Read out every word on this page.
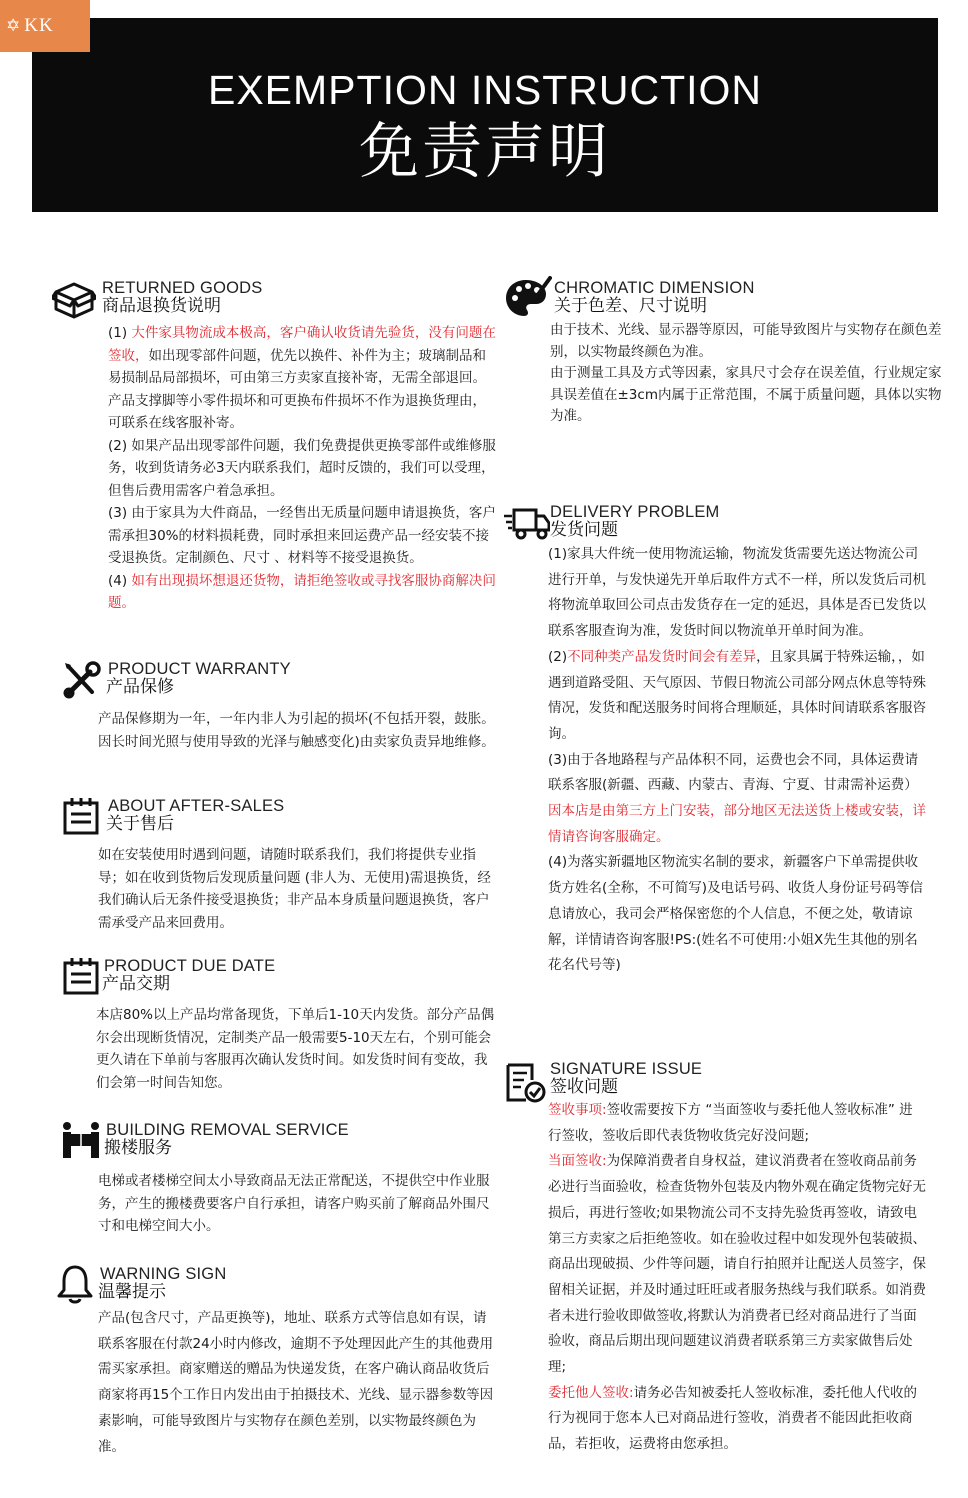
✡ KK
EXEMPTION INSTRUCTION
免责声明
RETURNED GOODS
商品退换货说明

(1) 大件家具物流成本极高，客户确认收货请先验货，没有问题在签收，如出现零部件问题，优先以换件、补件为主；玻璃制品和易损制品局部损坏，可由第三方卖家直接补寄，无需全部退回。产品支撑脚等小零件损坏和可更换布件损坏不作为退换货理由，可联系在线客服补寄。

(2) 如果产品出现零部件问题，我们免费提供更换零部件或维修服务，收到货请务必3天内联系我们，超时反馈的，我们可以受理，但售后费用需客户着急承担。

(3) 由于家具为大件商品，一经售出无质量问题申请退换货，客户需承担30%的材料损耗费，同时承担来回运费产品一经安装不接受退换货。定制颜色、尺寸 、材料等不接受退换货。

(4) 如有出现损坏想退还货物，请拒绝签收或寻找客服协商解决问题。

PRODUCT WARRANTY
产品保修
产品保修期为一年，一年内非人为引起的损坏(不包括开裂，鼓胀。因长时间光照与使用导致的光泽与触感变化)由卖家负责异地维修。
ABOUT AFTER-SALES
关于售后
如在安装使用时遇到问题，请随时联系我们，我们将提供专业指导；如在收到货物后发现质量问题 (非人为、无使用)需退换货，经我们确认后无条件接受退换货；非产品本身质量问题退换货，客户需承受产品来回费用。
PRODUCT DUE DATE
产品交期
本店80%以上产品均常备现货，下单后1-10天内发货。部分产品偶尔会出现断货情况，定制类产品一般需要5-10天左右，个别可能会更久请在下单前与客服再次确认发货时间。如发货时间有变故，我们会第一时间告知您。
BUILDING REMOVAL SERVICE
搬楼服务
电梯或者楼梯空间太小导致商品无法正常配送，不提供空中作业服务，产生的搬楼费要客户自行承担，请客户购买前了解商品外围尺寸和电梯空间大小。
WARNING SIGN
温馨提示
产品(包含尺寸，产品更换等)，地址、联系方式等信息如有误，请联系客服在付款24小时内修改，逾期不予处理因此产生的其他费用需买家承担。商家赠送的赠品为快递发货，在客户确认商品收货后商家将再15个工作日内发出由于拍摄技术、光线、显示器参数等因素影响，可能导致图片与实物存在颜色差别，以实物最终颜色为准。
CHROMATIC DIMENSION
关于色差、尺寸说明

由于技术、光线、显示器等原因，可能导致图片与实物存在颜色差别，以实物最终颜色为准。

由于测量工具及方式等因素，家具尺寸会存在误差值，行业规定家具误差值在±3cm内属于正常范围，不属于质量问题，具体以实物为准。

DELIVERY PROBLEM
发货问题

(1)家具大件统一使用物流运输，物流发货需要先送达物流公司进行开单，与发快递先开单后取件方式不一样，所以发货后司机将物流单取回公司点击发货存在一定的延迟，具体是否已发货以联系客服查询为准，发货时间以物流单开单时间为准。

(2)不同种类产品发货时间会有差异，且家具属于特殊运输，，如遇到道路受阻、天气原因、节假日物流公司部分网点休息等特殊情况，发货和配送服务时间将合理顺延，具体时间请联系客服咨询。

(3)由于各地路程与产品体积不同，运费也会不同，具体运费请联系客服(新疆、西藏、内蒙古、青海、宁夏、甘肃需补运费）因本店是由第三方上门安装，部分地区无法送货上楼或安装，详情请咨询客服确定。

(4)为落实新疆地区物流实名制的要求，新疆客户下单需提供收货方姓名(全称，不可简写)及电话号码、收货人身份证号码等信息请放心，我司会严格保密您的个人信息，不便之处，敬请谅解，详情请咨询客服!PS:(姓名不可使用:小姐X先生其他的别名花名代号等)

SIGNATURE ISSUE
签收问题

签收事项:签收需要按下方 “当面签收与委托他人签收标准” 进行签收，签收后即代表货物收货完好没问题;

当面签收:为保障消费者自身权益，建议消费者在签收商品前务必进行当面验收，检查货物外包装及内物外观在确定货物完好无损后，再进行签收;如果物流公司不支持先验货再签收，请致电第三方卖家之后拒绝签收。如在验收过程中如发现外包装破损、商品出现破损、少件等问题，请自行拍照并让配送人员签字，保留相关证据，并及时通过旺旺或者服务热线与我们联系。如消费者未进行验收即做签收,将默认为消费者已经对商品进行了当面验收，商品后期出现问题建议消费者联系第三方卖家做售后处理;

委托他人签收:请务必告知被委托人签收标准，委托他人代收的行为视同于您本人已对商品进行签收，消费者不能因此拒收商品，若拒收，运费将由您承担。
